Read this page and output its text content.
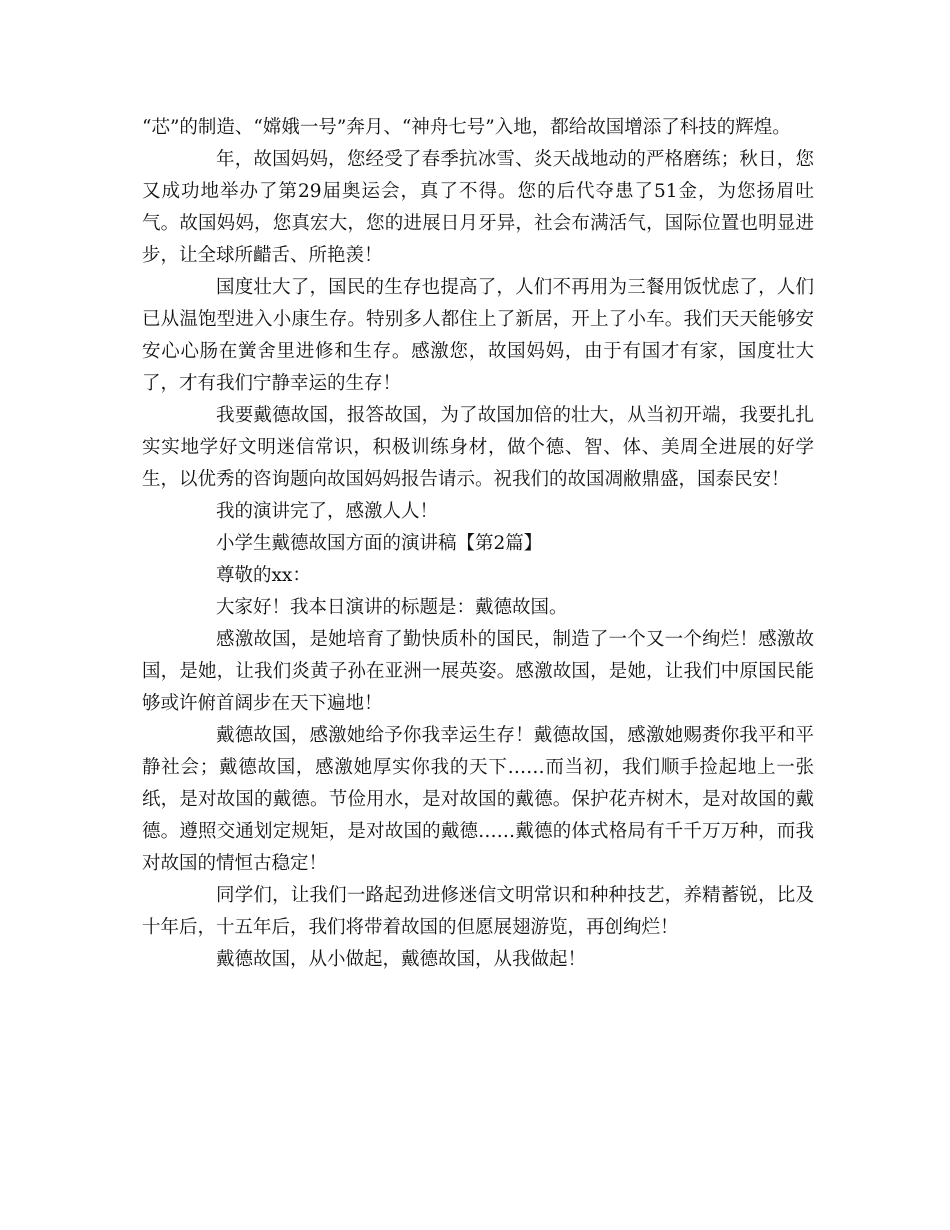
“芯”的制造、“嫦娥一号”奔月、“神舟七号”入地，都给故国增添了科技的辉煌。

年，故国妈妈，您经受了春季抗冰雪、炎天战地动的严格磨练；秋日，您又成功地举办了第29届奥运会，真了不得。您的后代夺患了51金，为您扬眉吐气。故国妈妈，您真宏大，您的进展日月牙异，社会布满活气，国际位置也明显进步，让全球所齰舌、所艳羡！

国度壮大了，国民的生存也提高了，人们不再用为三餐用饭忧虑了，人们已从温饱型进入小康生存。特别多人都住上了新居，开上了小车。我们天天能够安安心心肠在黉舍里进修和生存。感激您，故国妈妈，由于有国才有家，国度壮大了，才有我们宁静幸运的生存！

我要戴德故国，报答故国，为了故国加倍的壮大，从当初开端，我要扎扎实实地学好文明迷信常识，积极训练身材，做个德、智、体、美周全进展的好学生，以优秀的咨询题向故国妈妈报告请示。祝我们的故国凋敝鼎盛，国泰民安！

我的演讲完了，感激人人！

小学生戴德故国方面的演讲稿【第2篇】

尊敬的xx：

大家好！我本日演讲的标题是：戴德故国。

感激故国，是她培育了勤快质朴的国民，制造了一个又一个绚烂！感激故国，是她，让我们炎黄子孙在亚洲一展英姿。感激故国，是她，让我们中原国民能够或许俯首阔步在天下遍地！

戴德故国，感激她给予你我幸运生存！戴德故国，感激她赐赉你我平和平静社会；戴德故国，感激她厚实你我的天下……而当初，我们顺手捡起地上一张纸，是对故国的戴德。节俭用水，是对故国的戴德。保护花卉树木，是对故国的戴德。遵照交通划定规矩，是对故国的戴德……戴德的体式格局有千千万万种，而我对故国的情恒古稳定！

同学们，让我们一路起劲进修迷信文明常识和种种技艺，养精蓄锐，比及十年后，十五年后，我们将带着故国的但愿展翅游览，再创绚烂！

戴德故国，从小做起，戴德故国，从我做起！
